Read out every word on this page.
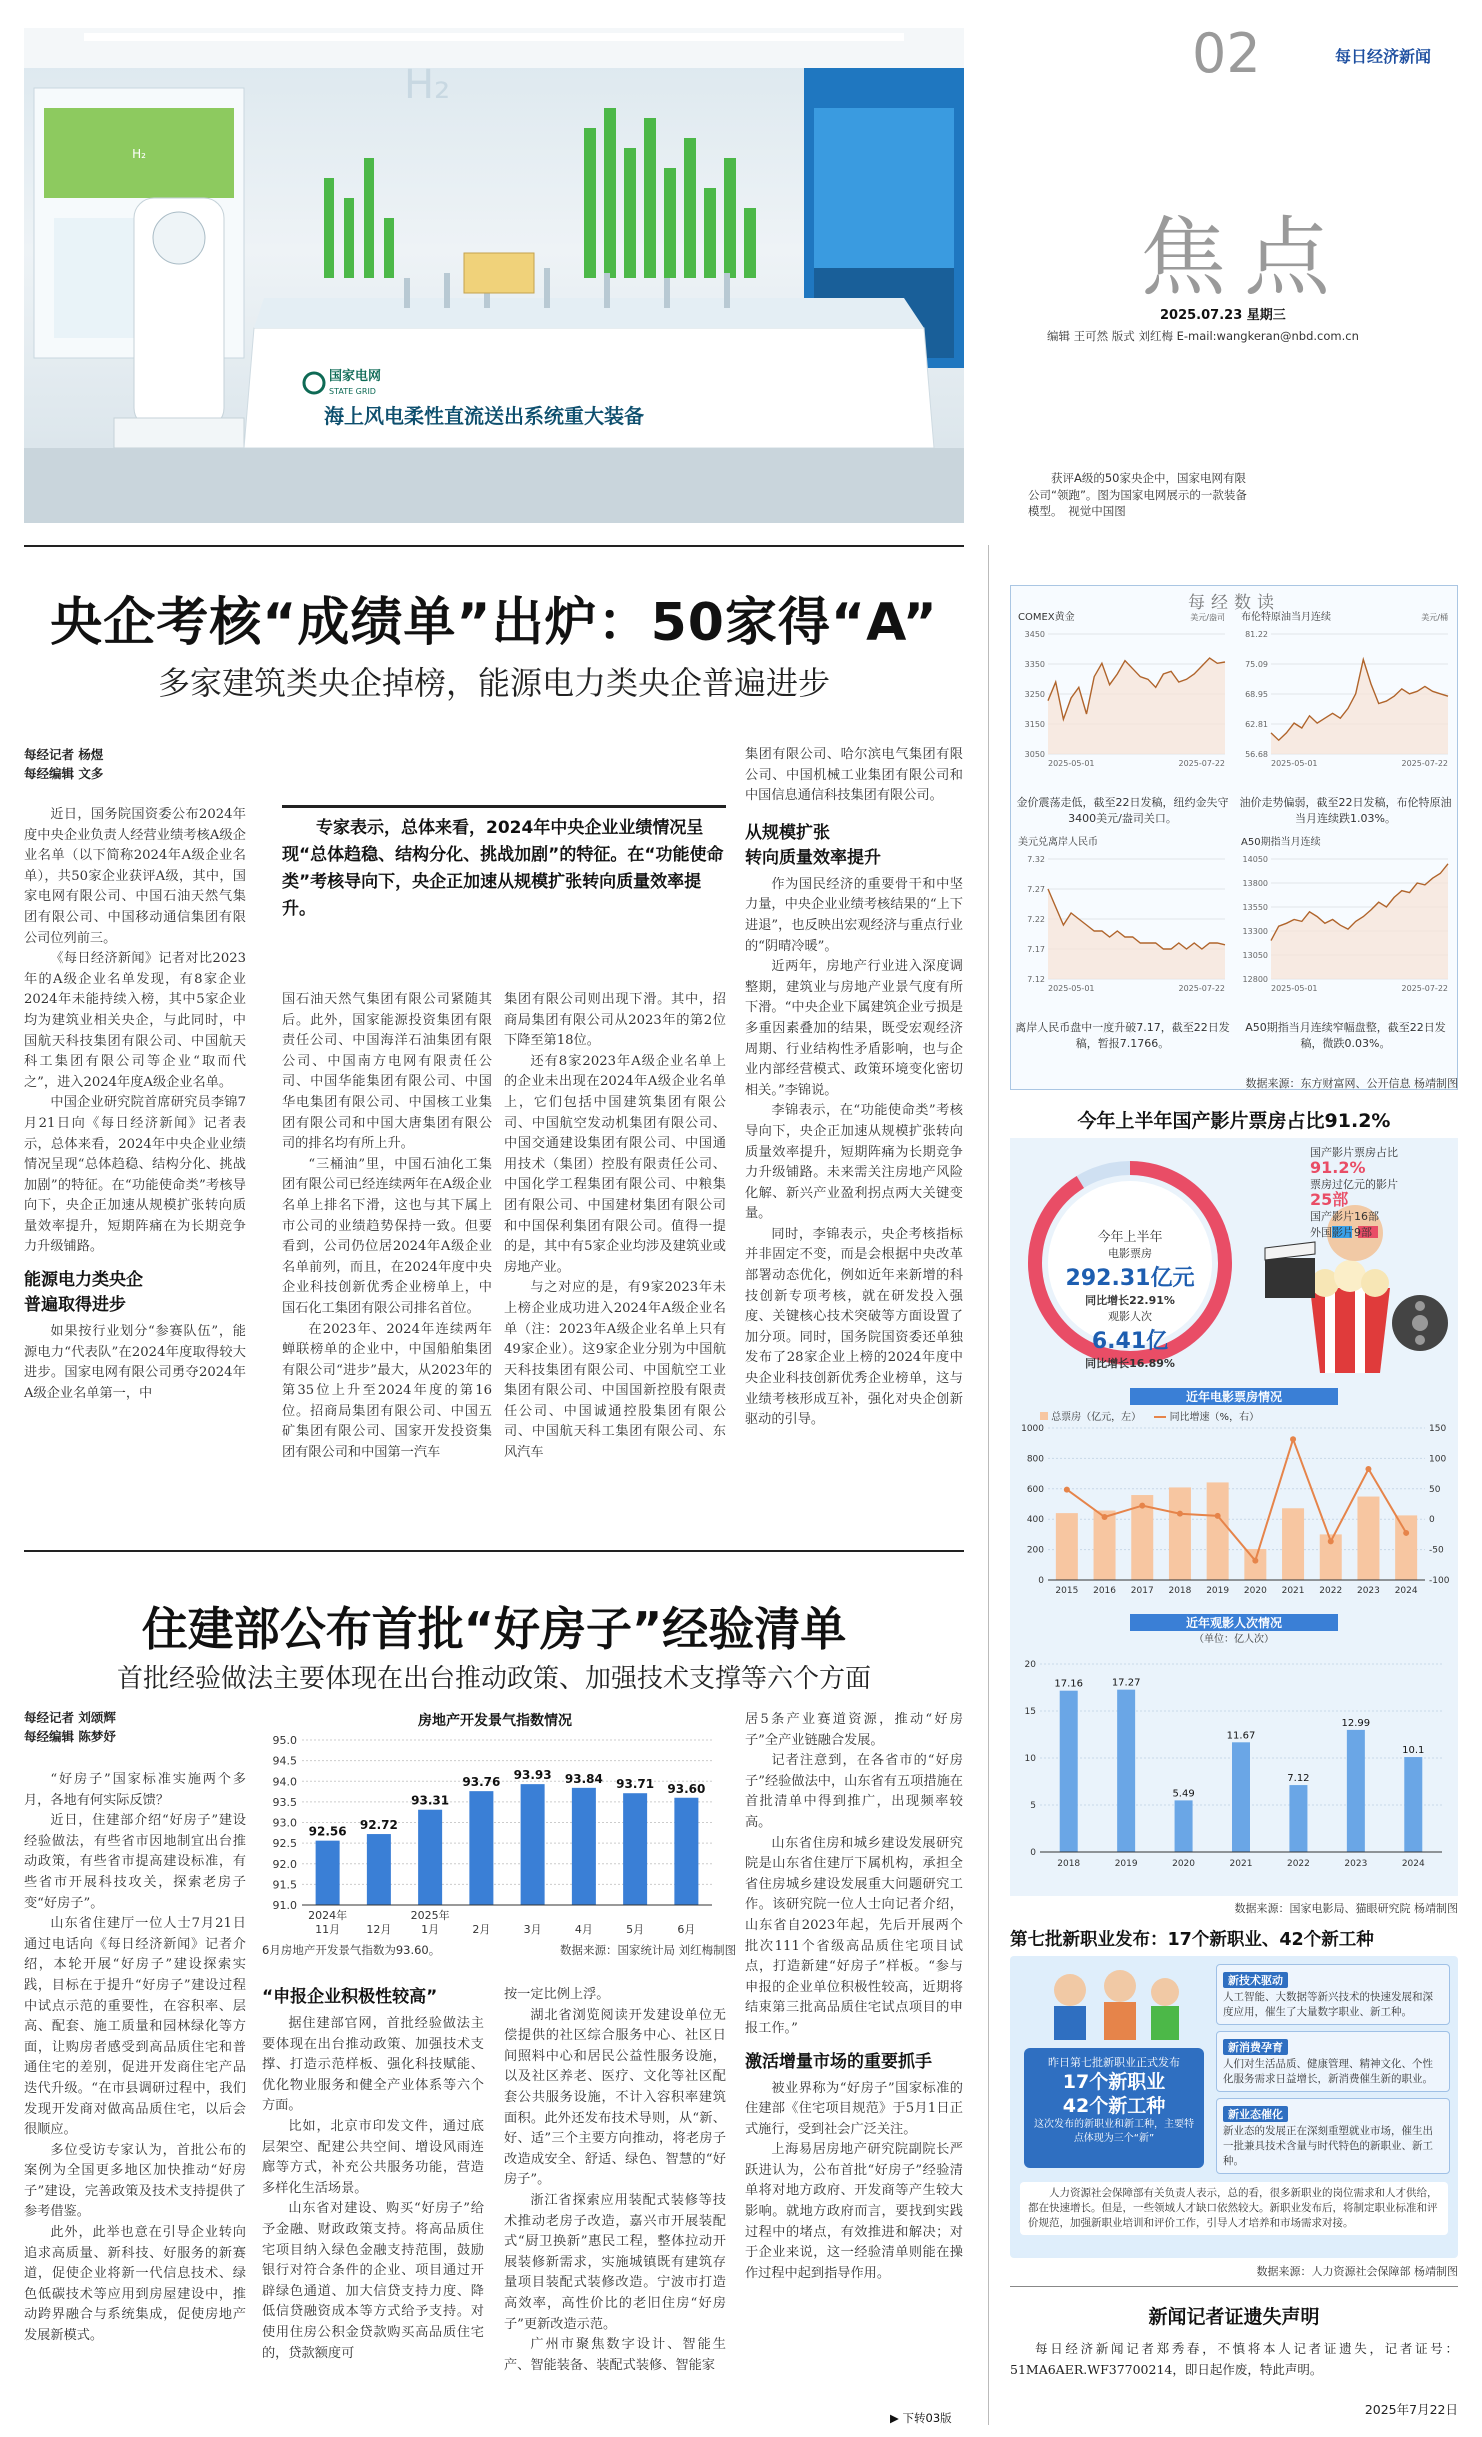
02	每日经济新闻
焦点
2025.07.23 星期三
编辑 王可然 版式 刘红梅 E-mail:wangkeran@nbd.com.cn
H₂
H₂
国家电网
STATE GRID
海上风电柔性直流送出系统重大装备
获评A级的50家央企中，国家电网有限公司“领跑”。图为国家电网展示的一款装备模型。　视觉中国图
央企考核“成绩单”出炉：50家得“A”
多家建筑类央企掉榜，能源电力类央企普遍进步
每经记者 杨煜
每经编辑 文多

近日，国务院国资委公布2024年度中央企业负责人经营业绩考核A级企业名单（以下简称2024年A级企业名单），共50家企业获评A级，其中，国家电网有限公司、中国石油天然气集团有限公司、中国移动通信集团有限公司位列前三。

《每日经济新闻》记者对比2023年的A级企业名单发现，有8家企业2024年未能持续入榜，其中5家企业均为建筑业相关央企，与此同时，中国航天科技集团有限公司、中国航天科工集团有限公司等企业“取而代之”，进入2024年度A级企业名单。

中国企业研究院首席研究员李锦7月21日向《每日经济新闻》记者表示，总体来看，2024年中央企业业绩情况呈现“总体趋稳、结构分化、挑战加剧”的特征。在“功能使命类”考核导向下，央企正加速从规模扩张转向质量效率提升，短期阵痛在为长期竞争力升级铺路。

能源电力类央企
普遍取得进步

如果按行业划分“参赛队伍”，能源电力“代表队”在2024年度取得较大进步。国家电网有限公司勇夺2024年A级企业名单第一，中

专家表示，总体来看，2024年中央企业业绩情况呈现“总体趋稳、结构分化、挑战加剧”的特征。在“功能使命类”考核导向下，央企正加速从规模扩张转向质量效率提升。

国石油天然气集团有限公司紧随其后。此外，国家能源投资集团有限责任公司、中国海洋石油集团有限公司、中国南方电网有限责任公司、中国华能集团有限公司、中国华电集团有限公司、中国核工业集团有限公司和中国大唐集团有限公司的排名均有所上升。

“三桶油”里，中国石油化工集团有限公司已经连续两年在A级企业名单上排名下滑，这也与其下属上市公司的业绩趋势保持一致。但要看到，公司仍位居2024年A级企业名单前列，而且，在2024年度中央企业科技创新优秀企业榜单上，中国石化工集团有限公司排名首位。

在2023年、2024年连续两年蝉联榜单的企业中，中国船舶集团有限公司“进步”最大，从2023年的第35位上升至2024年度的第16位。招商局集团有限公司、中国五矿集团有限公司、国家开发投资集团有限公司和中国第一汽车

集团有限公司则出现下滑。其中，招商局集团有限公司从2023年的第2位下降至第18位。

还有8家2023年A级企业名单上的企业未出现在2024年A级企业名单上，它们包括中国建筑集团有限公司、中国航空发动机集团有限公司、中国交通建设集团有限公司、中国通用技术（集团）控股有限责任公司、中国化学工程集团有限公司、中粮集团有限公司、中国建材集团有限公司和中国保利集团有限公司。值得一提的是，其中有5家企业均涉及建筑业或房地产业。

与之对应的是，有9家2023年未上榜企业成功进入2024年A级企业名单（注：2023年A级企业名单上只有49家企业）。这9家企业分别为中国航天科技集团有限公司、中国航空工业集团有限公司、中国国新控股有限责任公司、中国诚通控股集团有限公司、中国航天科工集团有限公司、东风汽车

集团有限公司、哈尔滨电气集团有限公司、中国机械工业集团有限公司和中国信息通信科技集团有限公司。

从规模扩张
转向质量效率提升

作为国民经济的重要骨干和中坚力量，中央企业业绩考核结果的“上下进退”，也反映出宏观经济与重点行业的“阴晴冷暖”。

近两年，房地产行业进入深度调整期，建筑业与房地产业景气度有所下滑。“中央企业下属建筑企业亏损是多重因素叠加的结果，既受宏观经济周期、行业结构性矛盾影响，也与企业内部经营模式、政策环境变化密切相关。”李锦说。

李锦表示，在“功能使命类”考核导向下，央企正加速从规模扩张转向质量效率提升，短期阵痛为长期竞争力升级铺路。未来需关注房地产风险化解、新兴产业盈利拐点两大关键变量。

同时，李锦表示，央企考核指标并非固定不变，而是会根据中央改革部署动态优化，例如近年来新增的科技创新专项考核，就在研发投入强度、关键核心技术突破等方面设置了加分项。同时，国务院国资委还单独发布了28家企业上榜的2024年度中央企业科技创新优秀企业榜单，这与业绩考核形成互补，强化对央企创新驱动的引导。

住建部公布首批“好房子”经验清单
首批经验做法主要体现在出台推动政策、加强技术支撑等六个方面
每经记者 刘颂辉
每经编辑 陈梦妤

“好房子”国家标准实施两个多月，各地有何实际反馈？

近日，住建部介绍“好房子”建设经验做法，有些省市因地制宜出台推动政策，有些省市提高建设标准，有些省市开展科技攻关，探索老房子变“好房子”。

山东省住建厅一位人士7月21日通过电话向《每日经济新闻》记者介绍，本轮开展“好房子”建设探索实践，目标在于提升“好房子”建设过程中试点示范的重要性，在容积率、层高、配套、施工质量和园林绿化等方面，让购房者感受到高品质住宅和普通住宅的差别，促进开发商住宅产品迭代升级。“在市县调研过程中，我们发现开发商对做高品质住宅，以后会很顺应。

多位受访专家认为，首批公布的案例为全国更多地区加快推动“好房子”建设，完善政策及技术支持提供了参考借鉴。

此外，此举也意在引导企业转向追求高质量、新科技、好服务的新赛道，促使企业将新一代信息技术、绿色低碳技术等应用到房屋建设中，推动跨界融合与系统集成，促使房地产发展新模式。

房地产开发景气指数情况
95.0
94.5
94.0
93.5
93.0
92.5
92.0
91.5
91.0
92.56
11月
92.72
12月
93.31
1月
93.76
2月
93.93
3月
93.84
4月
93.71
5月
93.60
6月
2024年	2025年
6月房地产开发景气指数为93.60。	数据来源：国家统计局 刘红梅制图
“申报企业积极性较高”

据住建部官网，首批经验做法主要体现在出台推动政策、加强技术支撑、打造示范样板、强化科技赋能、优化物业服务和健全产业体系等六个方面。

比如，北京市印发文件，通过底层架空、配建公共空间、增设风雨连廊等方式，补充公共服务功能，营造多样化生活场景。

山东省对建设、购买“好房子”给予金融、财政政策支持。将高品质住宅项目纳入绿色金融支持范围，鼓励银行对符合条件的企业、项目通过开辟绿色通道、加大信贷支持力度、降低信贷融资成本等方式给予支持。对使用住房公积金贷款购买高品质住宅的，贷款额度可

按一定比例上浮。

湖北省浏览阅读开发建设单位无偿提供的社区综合服务中心、社区日间照料中心和居民公益性服务设施，以及社区养老、医疗、文化等社区配套公共服务设施，不计入容积率建筑面积。此外还发布技术导则，从“新、好、适”三个主要方向推动，将老房子改造成安全、舒适、绿色、智慧的“好房子”。

浙江省探索应用装配式装修等技术推动老房子改造，嘉兴市开展装配式“厨卫换新”惠民工程，整体拉动开展装修新需求，实施城镇既有建筑存量项目装配式装修改造。宁波市打造高效率，高性价比的老旧住房“好房子”更新改造示范。

广州市聚焦数字设计、智能生产、智能装备、装配式装修、智能家

居5条产业赛道资源，推动“好房子”全产业链融合发展。

记者注意到，在各省市的“好房子”经验做法中，山东省有五项措施在首批清单中得到推广，出现频率较高。

山东省住房和城乡建设发展研究院是山东省住建厅下属机构，承担全省住房城乡建设发展重大问题研究工作。该研究院一位人士向记者介绍，山东省自2023年起，先后开展两个批次111个省级高品质住宅项目试点，打造新建“好房子”样板。“参与申报的企业单位积极性较高，近期将结束第三批高品质住宅试点项目的申报工作。”

激活增量市场的重要抓手

被业界称为“好房子”国家标准的住建部《住宅项目规范》于5月1日正式施行，受到社会广泛关注。

上海易居房地产研究院副院长严跃进认为，公布首批“好房子”经验清单将对地方政府、开发商等产生较大影响。就地方政府而言，要找到实践过程中的堵点，有效推进和解决；对于企业来说，这一经验清单则能在操作过程中起到指导作用。

▶ 下转03版
每经数读
COMEX黄金	美元/盎司
3450
3350
3250
3150
3050
2025-05-01	2025-07-22
布伦特原油当月连续	美元/桶
81.22
75.09
68.95
62.81
56.68
2025-05-01	2025-07-22
美元兑离岸人民币
7.32
7.27
7.22
7.17
7.12
2025-05-01	2025-07-22
A50期指当月连续
14050
13800
13550
13300
13050
12800
2025-05-01	2025-07-22
数据来源：东方财富网、公开信息 杨靖制图
金价震荡走低，截至22日发稿，纽约金失守3400美元/盎司关口。
油价走势偏弱，截至22日发稿，布伦特原油当月连续跌1.03%。
离岸人民币盘中一度升破7.17，截至22日发稿，暂报7.1766。
A50期指当月连续窄幅盘整，截至22日发稿，微跌0.03%。
今年上半年国产影片票房占比91.2%
今年上半年
电影票房
292.31亿元
同比增长22.91%
观影人次
6.41亿
同比增长16.89%
国产影片票房占比
91.2%
票房过亿元的影片
25部
国产影片16部
外国影片9部
近年电影票房情况
总票房（亿元，左）	同比增速（%，右）
0
200
400
600
800
1000
-100
-50
0
50
100
150
2015 2016 2017 2018 2019 2020 2021 2022 2023 2024
近年观影人次情况
（单位：亿人次）
0
5
10
15
20
17.16
2018
17.27
2019
5.49
2020
11.67
2021
7.12
2022
12.99
2023
10.1
2024
数据来源：国家电影局、猫眼研究院 杨靖制图
第七批新职业发布：17个新职业、42个新工种
昨日第七批新职业正式发布
17个新职业
42个新工种
这次发布的新职业和新工种，主要特点体现为三个“新”
新技术驱动
人工智能、大数据等新兴技术的快速发展和深度应用，催生了大量数字职业、新工种。
新消费孕育
人们对生活品质、健康管理、精神文化、个性化服务需求日益增长，新消费催生新的职业。
新业态催化
新业态的发展正在深刻重塑就业市场，催生出一批兼具技术含量与时代特色的新职业、新工种。
人力资源社会保障部有关负责人表示，总的看，很多新职业的岗位需求和人才供给，都在快速增长。但是，一些领域人才缺口依然较大。新职业发布后，将制定职业标准和评价规范，加强新职业培训和评价工作，引导人才培养和市场需求对接。
数据来源：人力资源社会保障部 杨靖制图
新闻记者证遗失声明
每日经济新闻记者郑秀春，不慎将本人记者证遗失，记者证号：51MA6AER.WF37700214，即日起作废，特此声明。
2025年7月22日
